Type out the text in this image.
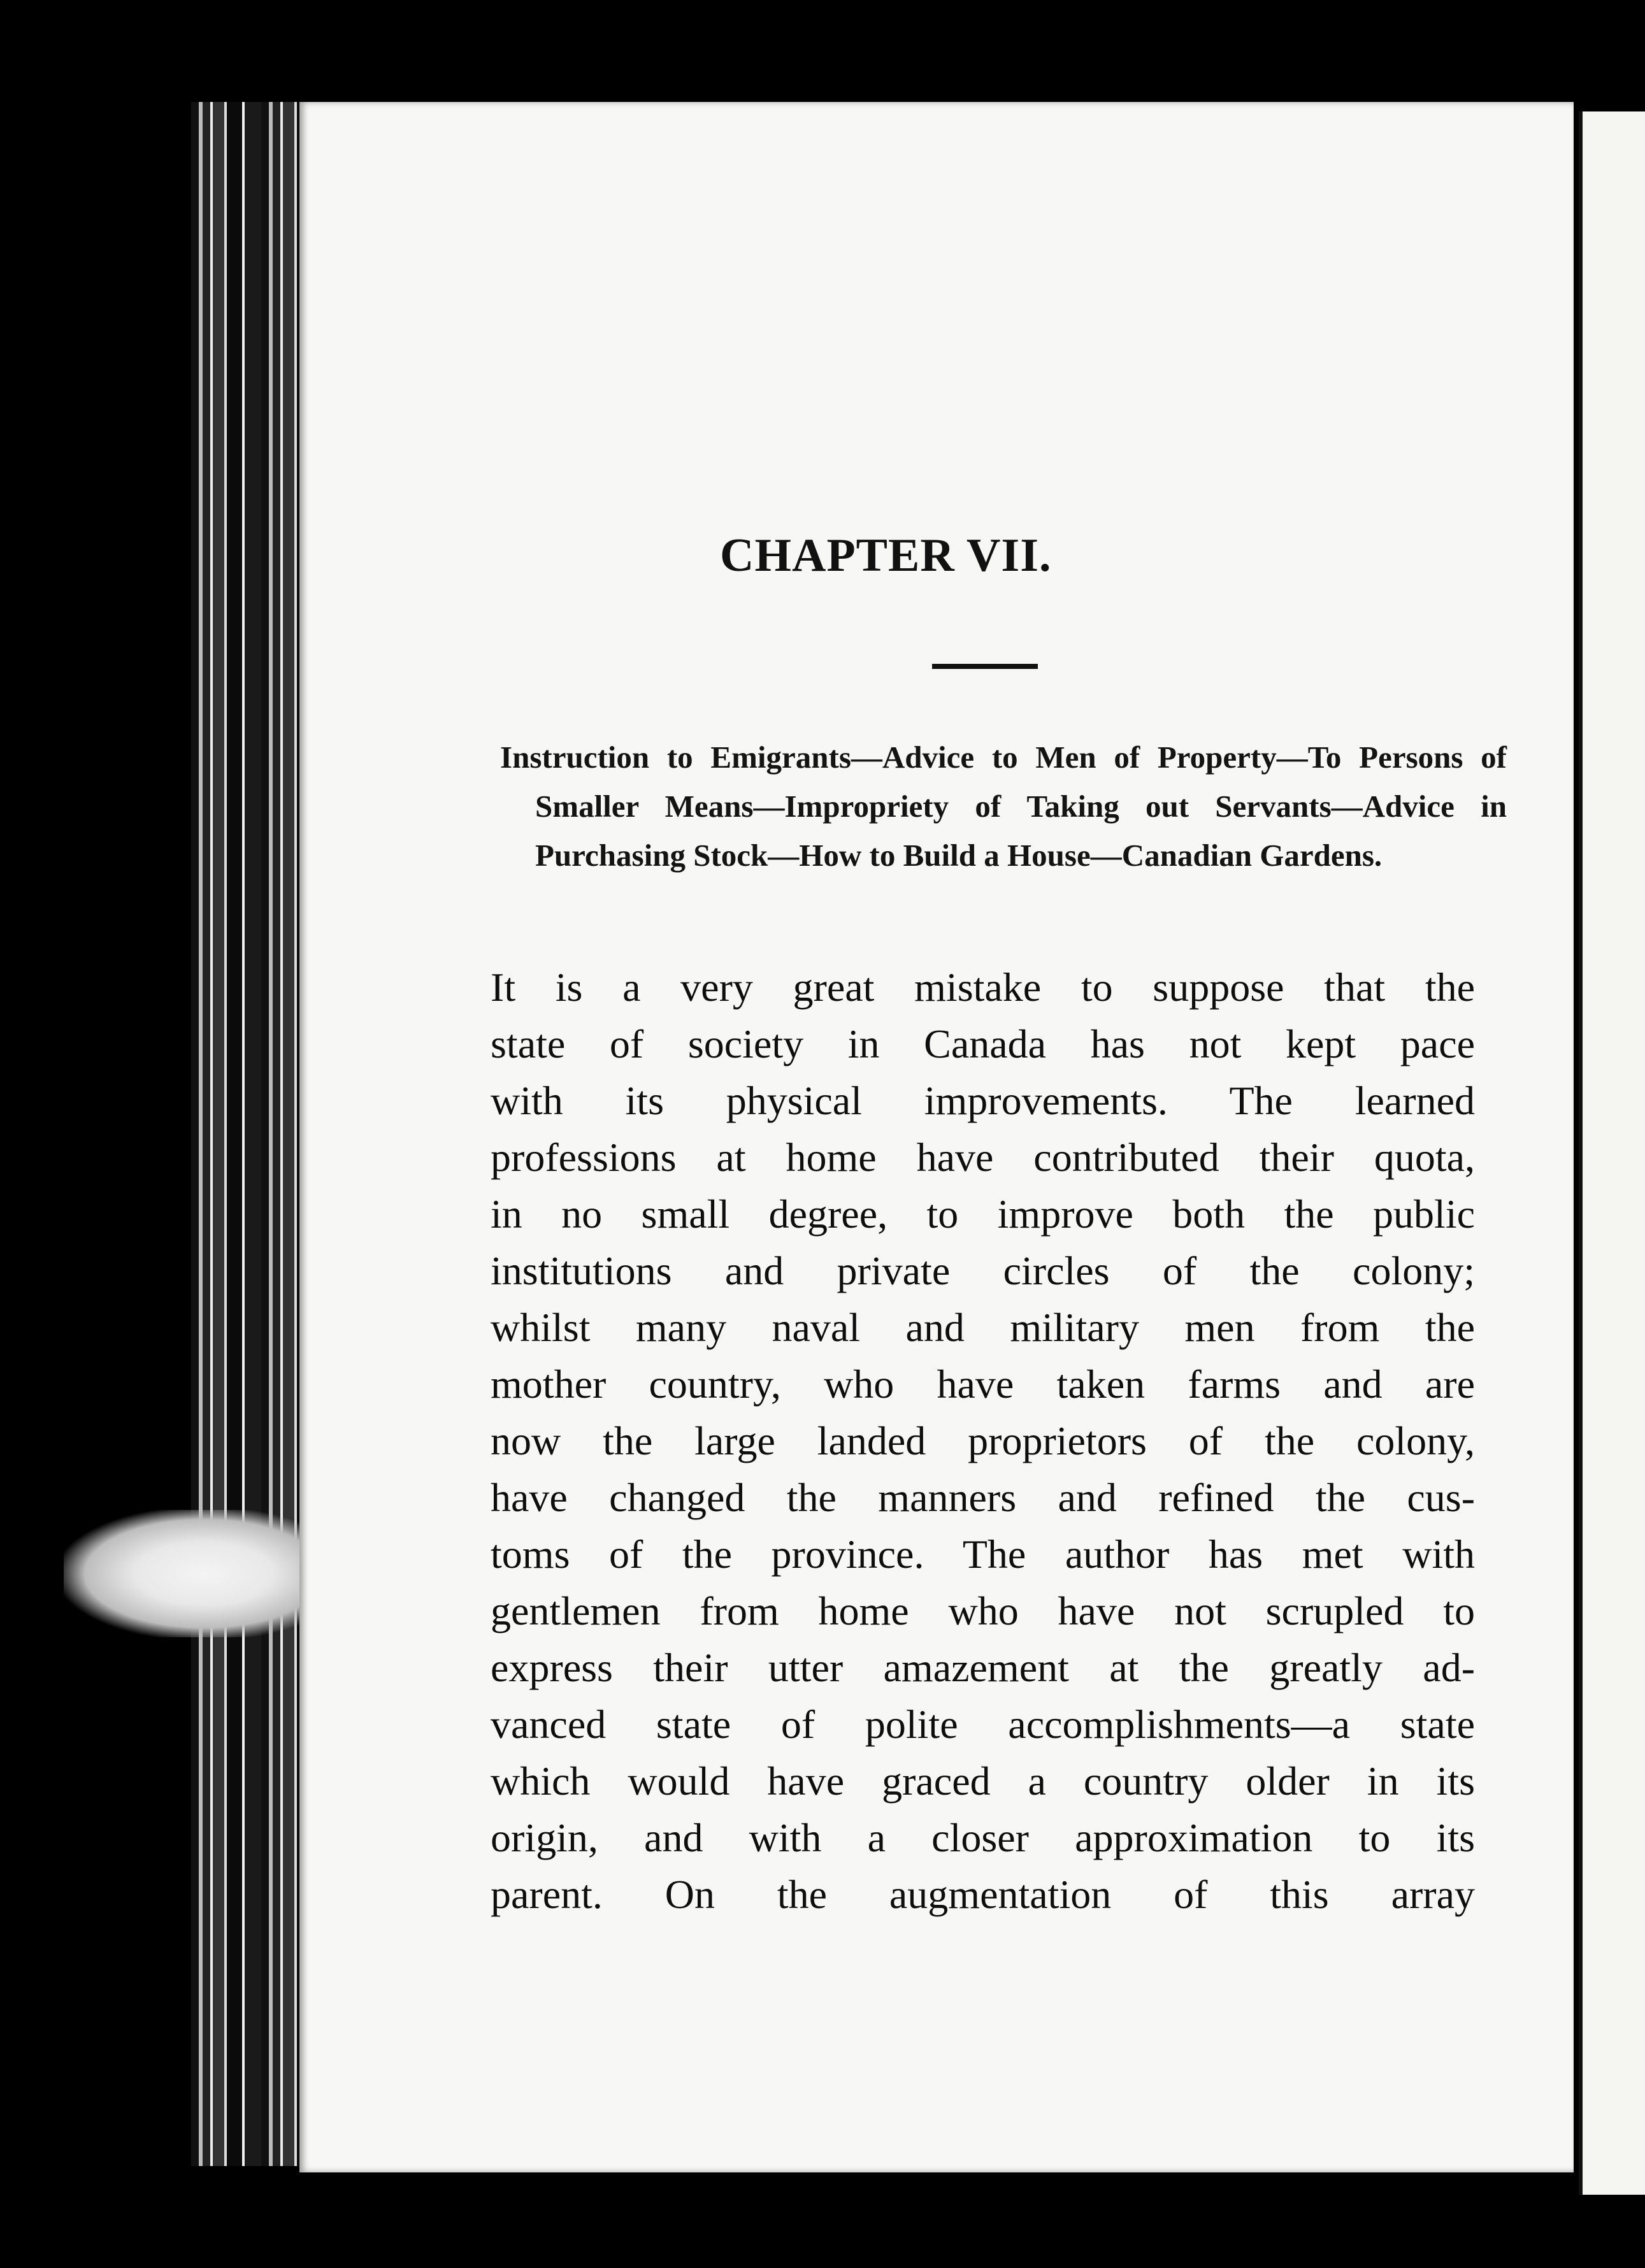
CHAPTER VII.
Instruction to Emigrants—Advice to Men of Property—To Persons of Smaller Means—Impropriety of Taking out Servants—Advice in Purchasing Stock—How to Build a House—Canadian Gardens.
It is a very great mistake to suppose that the
state of society in Canada has not kept pace
with its physical improvements. The learned
professions at home have contributed their quota,
in no small degree, to improve both the public
institutions and private circles of the colony;
whilst many naval and military men from the
mother country, who have taken farms and are
now the large landed proprietors of the colony,
have changed the manners and refined the cus-
toms of the province. The author has met with
gentlemen from home who have not scrupled to
express their utter amazement at the greatly ad-
vanced state of polite accomplishments—a state
which would have graced a country older in its
origin, and with a closer approximation to its
parent. On the augmentation of this array
